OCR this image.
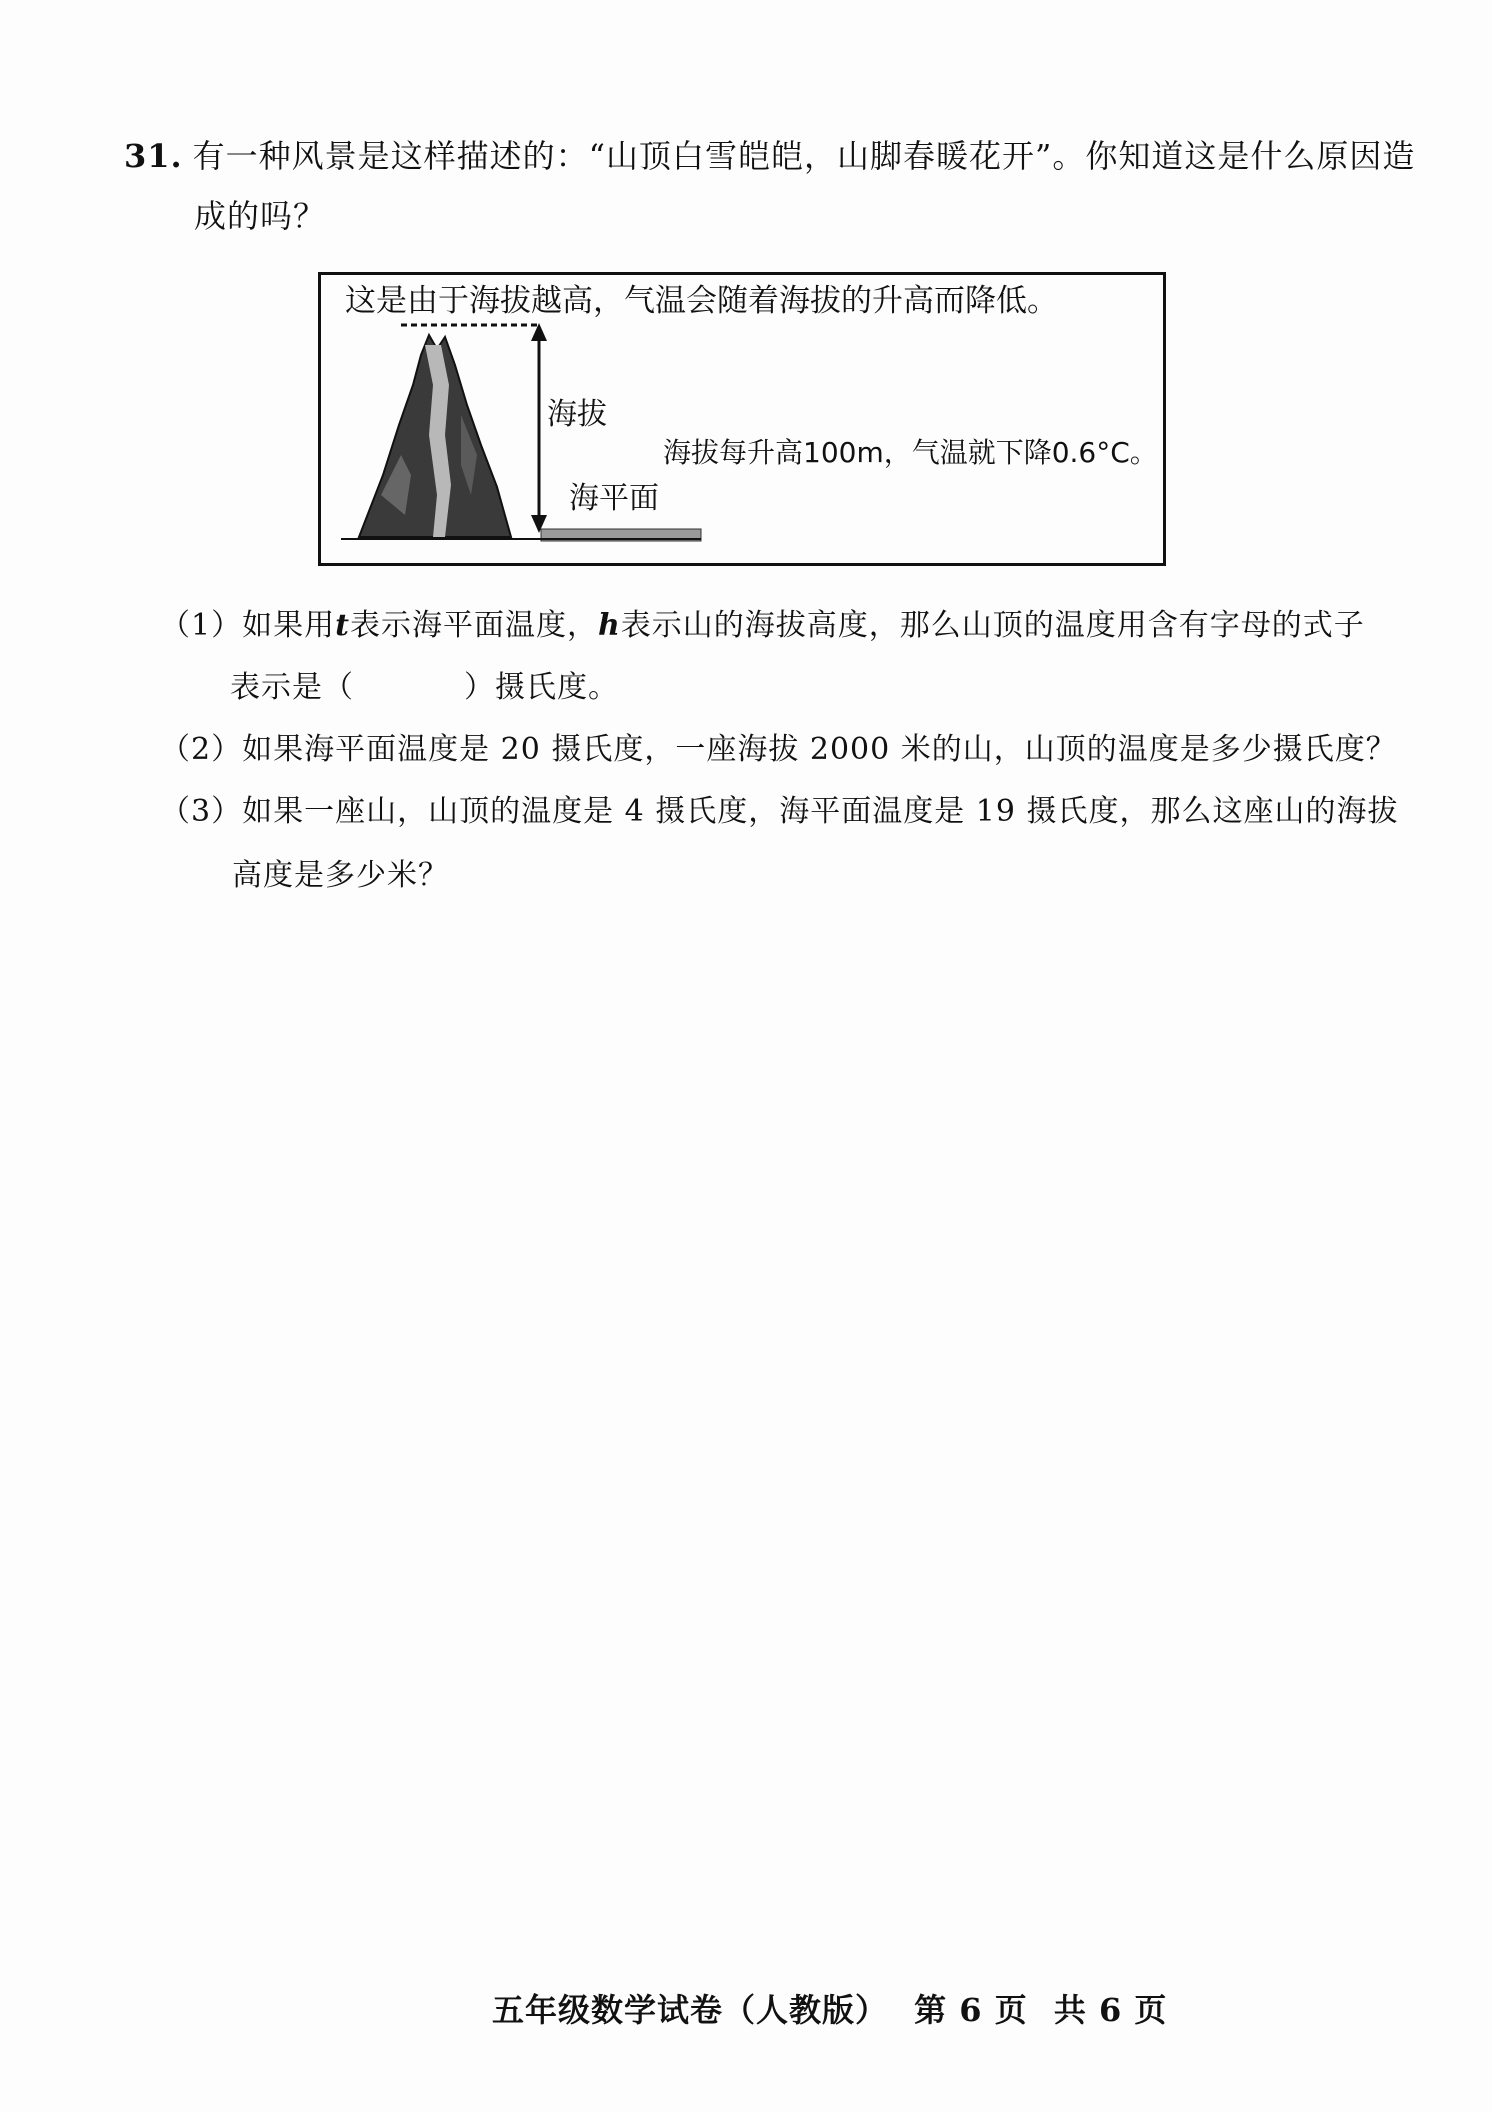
31. 有一种风景是这样描述的：“山顶白雪皑皑，山脚春暖花开”。你知道这是什么原因造
成的吗？
这是由于海拔越高，气温会随着海拔的升高而降低。
海拔
海拔每升高100m，气温就下降0.6°C。
海平面
（1）如果用t表示海平面温度，h表示山的海拔高度，那么山顶的温度用含有字母的式子
表示是（	）摄氏度。
（2）如果海平面温度是 20 摄氏度，一座海拔 2000 米的山，山顶的温度是多少摄氏度？
（3）如果一座山，山顶的温度是 4 摄氏度，海平面温度是 19 摄氏度，那么这座山的海拔
高度是多少米？
五年级数学试卷（人教版） 第 6 页 共 6 页
